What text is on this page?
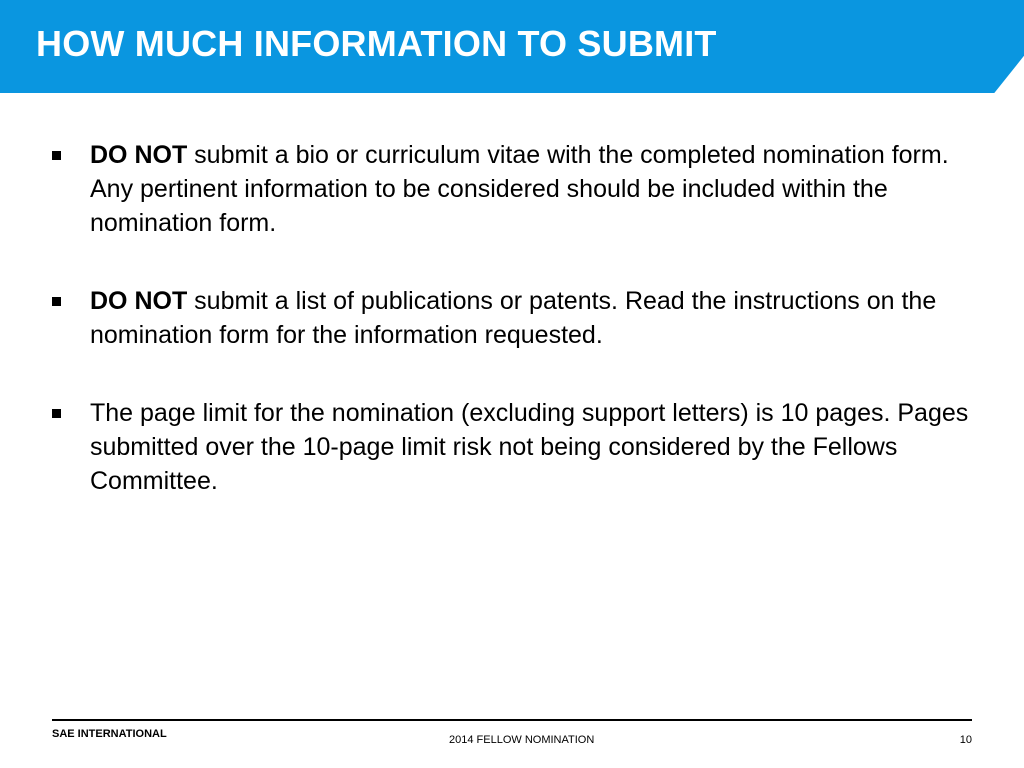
HOW MUCH INFORMATION TO SUBMIT
DO NOT submit a bio or curriculum vitae with the completed nomination form. Any pertinent information to be considered should be included within the nomination form.
DO NOT submit a list of publications or patents. Read the instructions on the nomination form for the information requested.
The page limit for the nomination (excluding support letters) is 10 pages. Pages submitted over the 10-page limit risk not being considered by the Fellows Committee.
SAE INTERNATIONAL	2014 FELLOW NOMINATION	10
